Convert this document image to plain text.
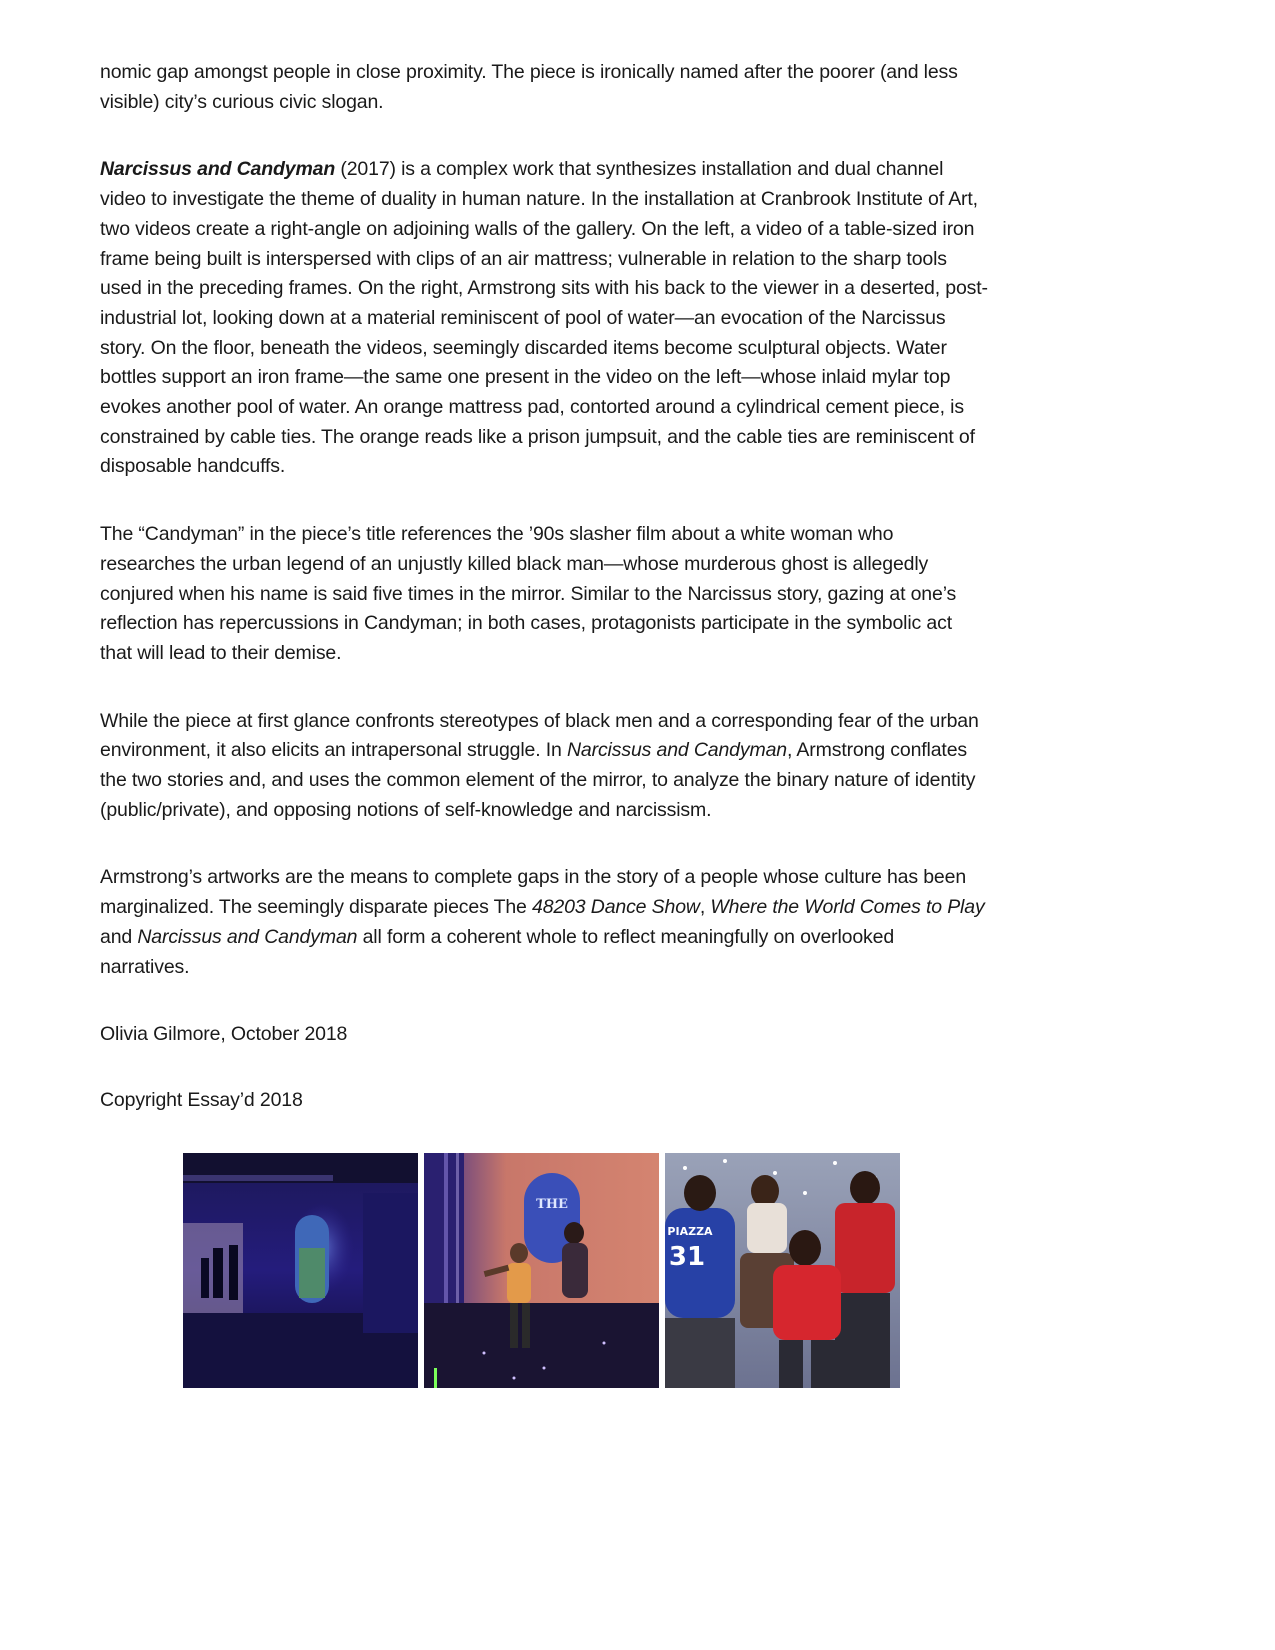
nomic gap amongst people in close proximity. The piece is ironically named after the poorer (and less visible) city’s curious civic slogan.

Narcissus and Candyman (2017) is a complex work that synthesizes installation and dual channel video to investigate the theme of duality in human nature. In the installation at Cranbrook Institute of Art, two videos create a right-angle on adjoining walls of the gallery. On the left, a video of a table-sized iron frame being built is interspersed with clips of an air mattress; vulnerable in relation to the sharp tools used in the preceding frames. On the right, Armstrong sits with his back to the viewer in a deserted, post-industrial lot, looking down at a material reminiscent of pool of water—an evocation of the Narcissus story. On the floor, beneath the videos, seemingly discarded items become sculptural objects. Water bottles support an iron frame—the same one present in the video on the left—whose inlaid mylar top evokes another pool of water. An orange mattress pad, contorted around a cylindrical cement piece, is constrained by cable ties. The orange reads like a prison jumpsuit, and the cable ties are reminiscent of disposable handcuffs.

The “Candyman” in the piece’s title references the ’90s slasher film about a white woman who researches the urban legend of an unjustly killed black man—whose murderous ghost is allegedly conjured when his name is said five times in the mirror. Similar to the Narcissus story, gazing at one’s reflection has repercussions in Candyman; in both cases, protagonists participate in the symbolic act that will lead to their demise.

While the piece at first glance confronts stereotypes of black men and a corresponding fear of the urban environment, it also elicits an intrapersonal struggle. In Narcissus and Candyman, Armstrong conflates the two stories and, and uses the common element of the mirror, to analyze the binary nature of identity (public/private), and opposing notions of self-knowledge and narcissism.

Armstrong’s artworks are the means to complete gaps in the story of a people whose culture has been marginalized. The seemingly disparate pieces The 48203 Dance Show, Where the World Comes to Play and Narcissus and Candyman all form a coherent whole to reflect meaningfully on overlooked narratives.

Olivia Gilmore, October 2018

Copyright Essay’d 2018

THE
PIAZZA
31
